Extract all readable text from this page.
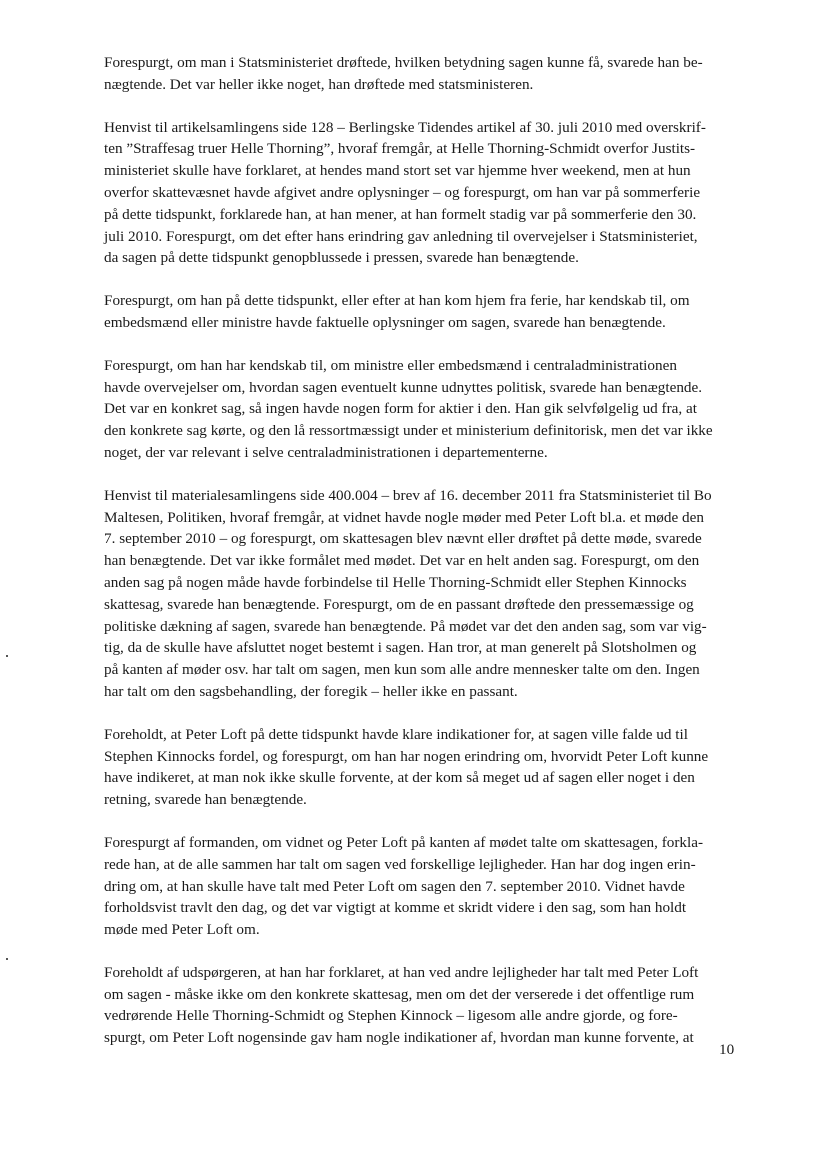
Forespurgt, om man i Statsministeriet drøftede, hvilken betydning sagen kunne få, svarede han be-
nægtende. Det var heller ikke noget, han drøftede med statsministeren.

Henvist til artikelsamlingens side 128 – Berlingske Tidendes artikel af 30. juli 2010 med overskrif-
ten ”Straffesag truer Helle Thorning”, hvoraf fremgår, at Helle Thorning-Schmidt overfor Justits-
ministeriet skulle have forklaret, at hendes mand stort set var hjemme hver weekend, men at hun
overfor skattevæsnet havde afgivet andre oplysninger – og forespurgt, om han var på sommerferie
på dette tidspunkt, forklarede han, at han mener, at han formelt stadig var på sommerferie den 30.
juli 2010. Forespurgt, om det efter hans erindring gav anledning til overvejelser i Statsministeriet,
da sagen på dette tidspunkt genopblussede i pressen, svarede han benægtende.

Forespurgt, om han på dette tidspunkt, eller efter at han kom hjem fra ferie, har kendskab til, om
embedsmænd eller ministre havde faktuelle oplysninger om sagen, svarede han benægtende.

Forespurgt, om han har kendskab til, om ministre eller embedsmænd i centraladministrationen
havde overvejelser om, hvordan sagen eventuelt kunne udnyttes politisk, svarede han benægtende.
Det var en konkret sag, så ingen havde nogen form for aktier i den. Han gik selvfølgelig ud fra, at
den konkrete sag kørte, og den lå ressortmæssigt under et ministerium definitorisk, men det var ikke
noget, der var relevant i selve centraladministrationen i departementerne.

Henvist til materialesamlingens side 400.004 – brev af 16. december 2011 fra Statsministeriet til Bo
Maltesen, Politiken, hvoraf fremgår, at vidnet havde nogle møder med Peter Loft bl.a. et møde den
7. september 2010 – og forespurgt, om skattesagen blev nævnt eller drøftet på dette møde, svarede
han benægtende. Det var ikke formålet med mødet. Det var en helt anden sag. Forespurgt, om den
anden sag på nogen måde havde forbindelse til Helle Thorning-Schmidt eller Stephen Kinnocks
skattesag, svarede han benægtende. Forespurgt, om de en passant drøftede den pressemæssige og
politiske dækning af sagen, svarede han benægtende. På mødet var det den anden sag, som var vig-
tig, da de skulle have afsluttet noget bestemt i sagen. Han tror, at man generelt på Slotsholmen og
på kanten af møder osv. har talt om sagen, men kun som alle andre mennesker talte om den. Ingen
har talt om den sagsbehandling, der foregik – heller ikke en passant.

Foreholdt, at Peter Loft på dette tidspunkt havde klare indikationer for, at sagen ville falde ud til
Stephen Kinnocks fordel, og forespurgt, om han har nogen erindring om, hvorvidt Peter Loft kunne
have indikeret, at man nok ikke skulle forvente, at der kom så meget ud af sagen eller noget i den
retning, svarede han benægtende.

Forespurgt af formanden, om vidnet og Peter Loft på kanten af mødet talte om skattesagen, forkla-
rede han, at de alle sammen har talt om sagen ved forskellige lejligheder. Han har dog ingen erin-
dring om, at han skulle have talt med Peter Loft om sagen den 7. september 2010. Vidnet havde
forholdsvist travlt den dag, og det var vigtigt at komme et skridt videre i den sag, som han holdt
møde med Peter Loft om.

Foreholdt af udspørgeren, at han har forklaret, at han ved andre lejligheder har talt med Peter Loft
om sagen - måske ikke om den konkrete skattesag, men om det der verserede i det offentlige rum
vedrørende Helle Thorning-Schmidt og Stephen Kinnock – ligesom alle andre gjorde, og fore-
spurgt, om Peter Loft nogensinde gav ham nogle indikationer af, hvordan man kunne forvente, at

10
